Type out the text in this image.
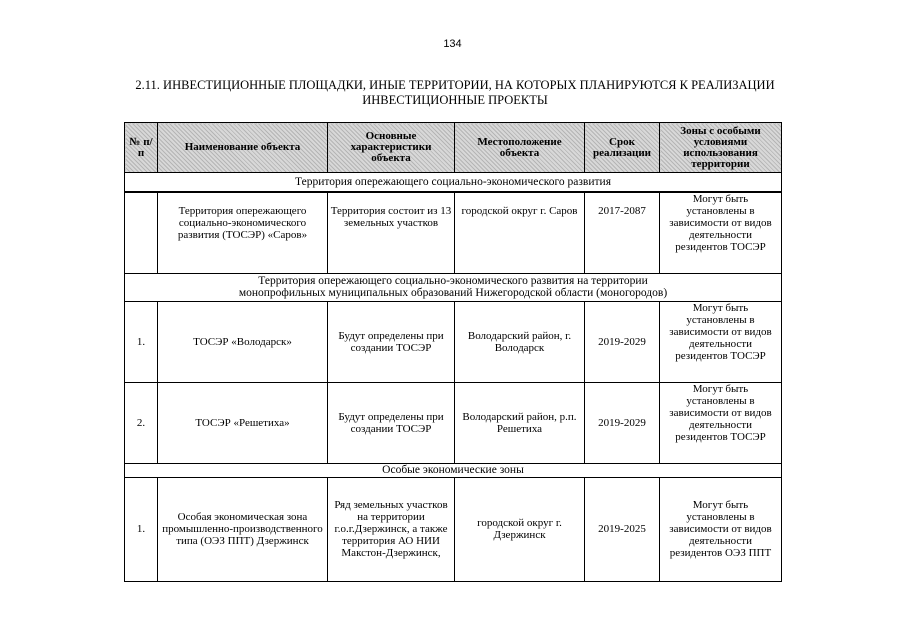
134
2.11. ИНВЕСТИЦИОННЫЕ ПЛОЩАДКИ, ИНЫЕ ТЕРРИТОРИИ, НА КОТОРЫХ ПЛАНИРУЮТСЯ К РЕАЛИЗАЦИИ
ИНВЕСТИЦИОННЫЕ ПРОЕКТЫ
№ п/п	Наименование объекта	Основные характеристики объекта	Местоположение объекта	Срок реализации	Зоны с особыми условиями использования территории
Территория опережающего социально-экономического развития					
	Территория опережающего социально-экономического развития (ТОСЭР) «Саров»	Территория состоит из 13 земельных участков	городской округ г. Саров	2017-2087	Могут быть установлены в зависимости от видов деятельности резидентов ТОСЭР

Территория опережающего социально-экономического развития на территории
монопрофильных муниципальных образований Нижегородской области (моногородов)					

1.	ТОСЭР «Володарск»	Будут определены при создании ТОСЭР	Володарский район, г. Володарск	2019-2029	Могут быть установлены в зависимости от видов деятельности резидентов ТОСЭР
2.	ТОСЭР «Решетиха»	Будут определены при создании ТОСЭР	Володарский район, р.п. Решетиха	2019-2029	Могут быть установлены в зависимости от видов деятельности резидентов ТОСЭР
Особые экономические зоны					
1.	Особая экономическая зона промышленно-производственного типа (ОЭЗ ППТ) Дзержинск	Ряд земельных участков на территории г.о.г.Дзержинск, а также территория АО НИИ Макстон-Дзержинск,	городской округ г. Дзержинск	2019-2025	Могут быть установлены в зависимости от видов деятельности резидентов ОЭЗ ППТ
